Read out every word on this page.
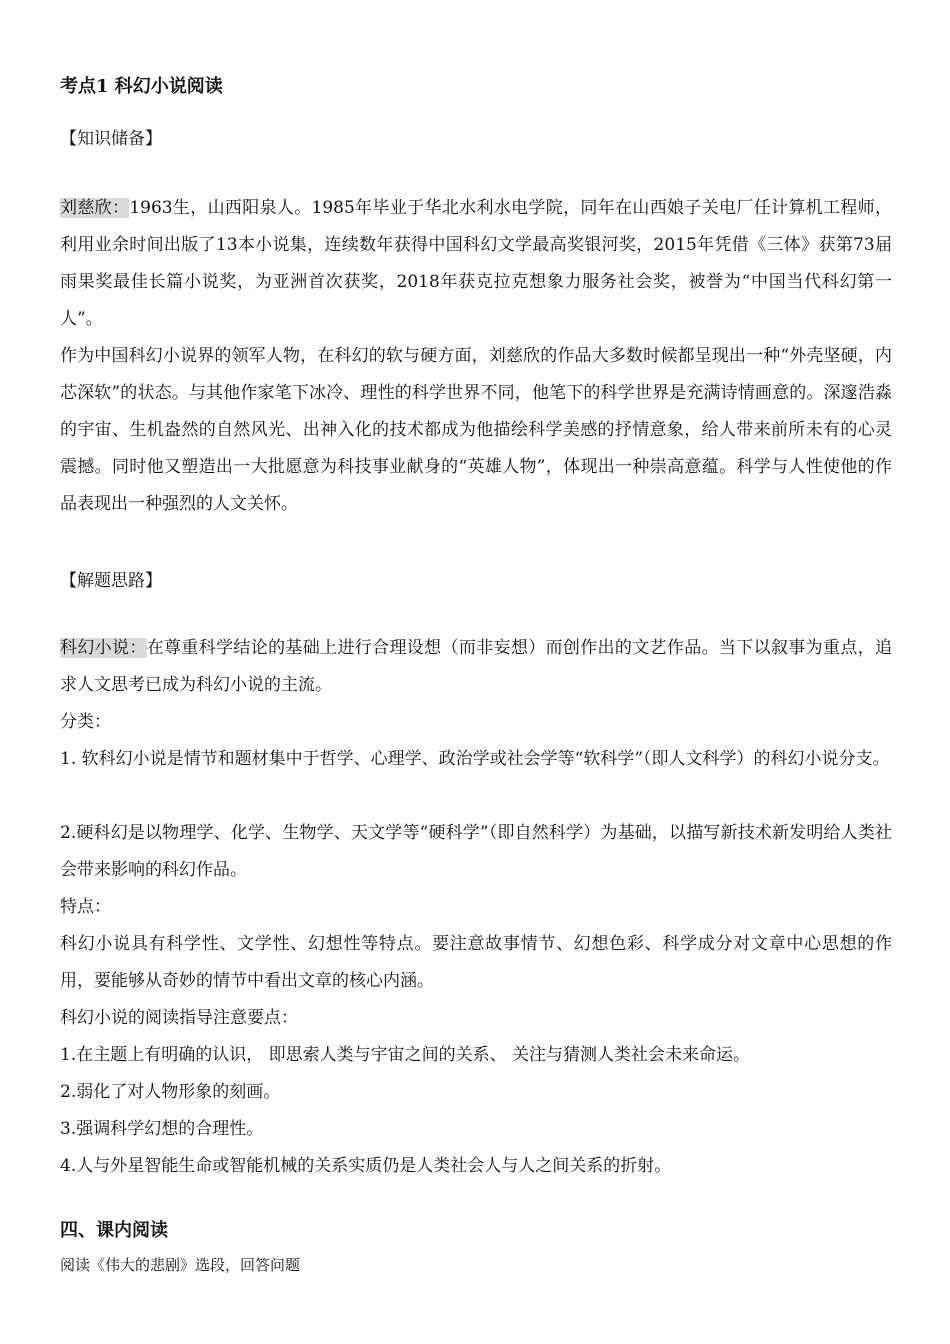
考点1 科幻小说阅读
【知识储备】
刘慈欣：1963生，山西阳泉人。1985年毕业于华北水利水电学院，同年在山西娘子关电厂任计算机工程师，利用业余时间出版了13本小说集，连续数年获得中国科幻文学最高奖银河奖，2015年凭借《三体》获第73届雨果奖最佳长篇小说奖，为亚洲首次获奖，2018年获克拉克想象力服务社会奖，被誉为“中国当代科幻第一人”。
作为中国科幻小说界的领军人物，在科幻的软与硬方面，刘慈欣的作品大多数时候都呈现出一种“外壳坚硬，内芯深软”的状态。与其他作家笔下冰冷、理性的科学世界不同，他笔下的科学世界是充满诗情画意的。深邃浩淼的宇宙、生机盎然的自然风光、出神入化的技术都成为他描绘科学美感的抒情意象，给人带来前所未有的心灵震撼。同时他又塑造出一大批愿意为科技事业献身的“英雄人物”，体现出一种崇高意蕴。科学与人性使他的作品表现出一种强烈的人文关怀。
【解题思路】
科幻小说：在尊重科学结论的基础上进行合理设想（而非妄想）而创作出的文艺作品。当下以叙事为重点，追求人文思考已成为科幻小说的主流。
分类：
1. 软科幻小说是情节和题材集中于哲学、心理学、政治学或社会学等“软科学”（即人文科学）的科幻小说分支。
2.硬科幻是以物理学、化学、生物学、天文学等“硬科学”（即自然科学）为基础，以描写新技术新发明给人类社会带来影响的科幻作品。
特点：
科幻小说具有科学性、文学性、幻想性等特点。要注意故事情节、幻想色彩、科学成分对文章中心思想的作用，要能够从奇妙的情节中看出文章的核心内涵。
科幻小说的阅读指导注意要点：
1.在主题上有明确的认识， 即思索人类与宇宙之间的关系、 关注与猜测人类社会未来命运。
2.弱化了对人物形象的刻画。
3.强调科学幻想的合理性。
4.人与外星智能生命或智能机械的关系实质仍是人类社会人与人之间关系的折射。
四、课内阅读
阅读《伟大的悲剧》选段，回答问题
